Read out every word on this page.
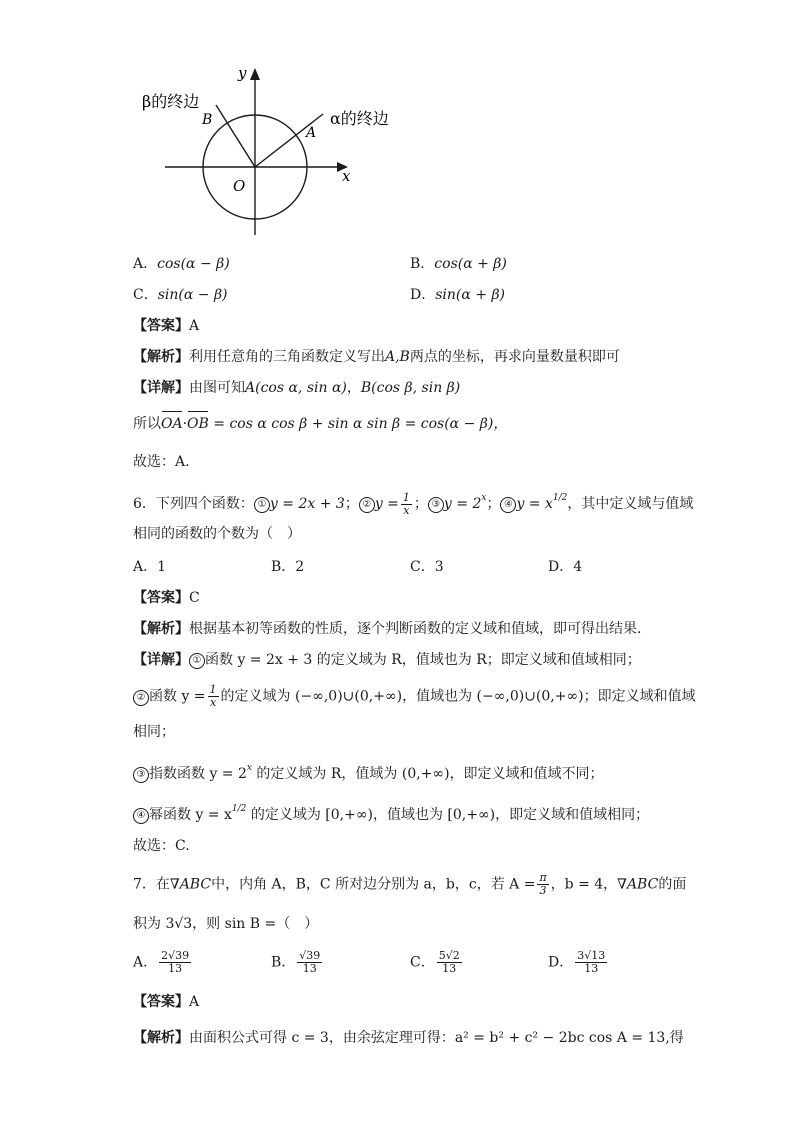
y
x
O
A
B	α的终边
β的终边
A．cos(α − β)	B．cos(α + β)
C．sin(α − β)	D．sin(α + β)
【答案】A
【解析】利用任意角的三角函数定义写出A,B两点的坐标，再求向量数量积即可
【详解】由图可知A(cos α, sin α)，B(cos β, sin β)
所以OA·OB = cos α cos β + sin α sin β = cos(α − β)，
故选：A.
6．下列四个函数： ① y = 2x + 3； ② $y = \frac{1}{x}$ ； ③ $y = 2^x$； ④ $y = x^{1/2}$，其中定义域与值域
相同的函数的个数为（　）
A．1	B．2	C．3	D．4
【答案】C
【解析】根据基本初等函数的性质，逐个判断函数的定义域和值域，即可得出结果.
【详解】 ① 函数 y = 2x + 3 的定义域为 R，值域也为 R；即定义域和值域相同；
② 函数 $y = \frac{1}{x}$ 的定义域为 (−∞,0)∪(0,+∞)，值域也为 (−∞,0)∪(0,+∞)；即定义域和值域
相同；
③ 指数函数 $y = 2^x$ 的定义域为 R，值域为 (0,+∞)，即定义域和值域不同；
④ 幂函数 $y = x^{1/2}$ 的定义域为 [0,+∞)，值域也为 [0,+∞)，即定义域和值域相同；
故选：C.
7．在∇ABC中，内角 A，B，C 所对边分别为 a，b，c，若 $A = \frac{\pi}{3}$ ，b = 4，∇ABC的面
积为 3√3，则 sin B =（　）
A． $\frac{2√39}{13}$	B． $\frac{√39}{13}$	C． $\frac{5√2}{13}$	D． $\frac{3√13}{13}$
【答案】A
【解析】由面积公式可得 c = 3，由余弦定理可得：a² = b² + c² − 2bc cos A = 13,得
